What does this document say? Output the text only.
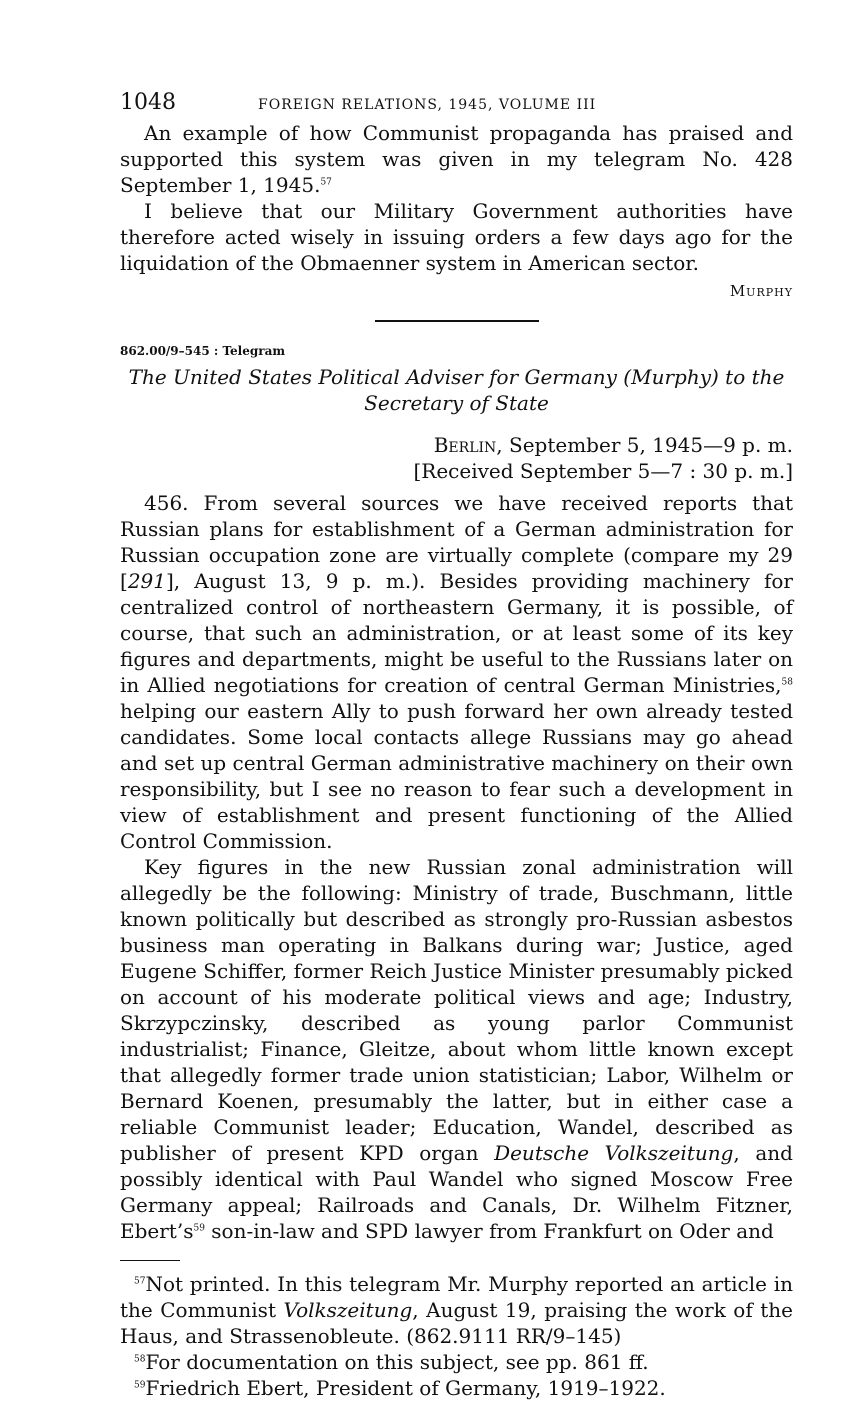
1048	FOREIGN RELATIONS, 1945, VOLUME III

An example of how Communist propaganda has praised and supported this system was given in my telegram No. 428 September 1, 1945.57

I believe that our Military Government authorities have therefore acted wisely in issuing orders a few days ago for the liquidation of the Obmaenner system in American sector.

Murphy
862.00/9–545 : Telegram
The United States Political Adviser for Germany (Murphy) to the Secretary of State
Berlin, September 5, 1945—9 p. m.
[Received September 5—7 : 30 p. m.]

456. From several sources we have received reports that Russian plans for establishment of a German administration for Russian occupation zone are virtually complete (compare my 29 [291], August 13, 9 p. m.). Besides providing machinery for centralized control of northeastern Germany, it is possible, of course, that such an administration, or at least some of its key figures and departments, might be useful to the Russians later on in Allied negotiations for creation of central German Ministries,$^{58}$ helping our eastern Ally to push forward her own already tested candidates. Some local contacts allege Russians may go ahead and set up central German administrative machinery on their own responsibility, but I see no reason to fear such a development in view of establishment and present functioning of the Allied Control Commission.

Key figures in the new Russian zonal administration will allegedly be the following: Ministry of trade, Buschmann, little known politically but described as strongly pro-Russian asbestos business man operating in Balkans during war; Justice, aged Eugene Schiffer, former Reich Justice Minister presumably picked on account of his moderate political views and age; Industry, Skrzypczinsky, described as young parlor Communist industrialist; Finance, Gleitze, about whom little known except that allegedly former trade union statistician; Labor, Wilhelm or Bernard Koenen, presumably the latter, but in either case a reliable Communist leader; Education, Wandel, described as publisher of present KPD organ Deutsche Volkszeitung, and possibly identical with Paul Wandel who signed Moscow Free Germany appeal; Railroads and Canals, Dr. Wilhelm Fitzner, $Ebert’s^{59}$ son-in-law and SPD lawyer from Frankfurt on Oder and

$^{57}$Not printed. In this telegram Mr. Murphy reported an article in the Communist Volkszeitung, August 19, praising the work of the Haus, and Strassenobleute. (862.9111 RR/9–145)

$^{58}$For documentation on this subject, see pp. 861 ff.

$^{59}$Friedrich Ebert, President of Germany, 1919–1922.
